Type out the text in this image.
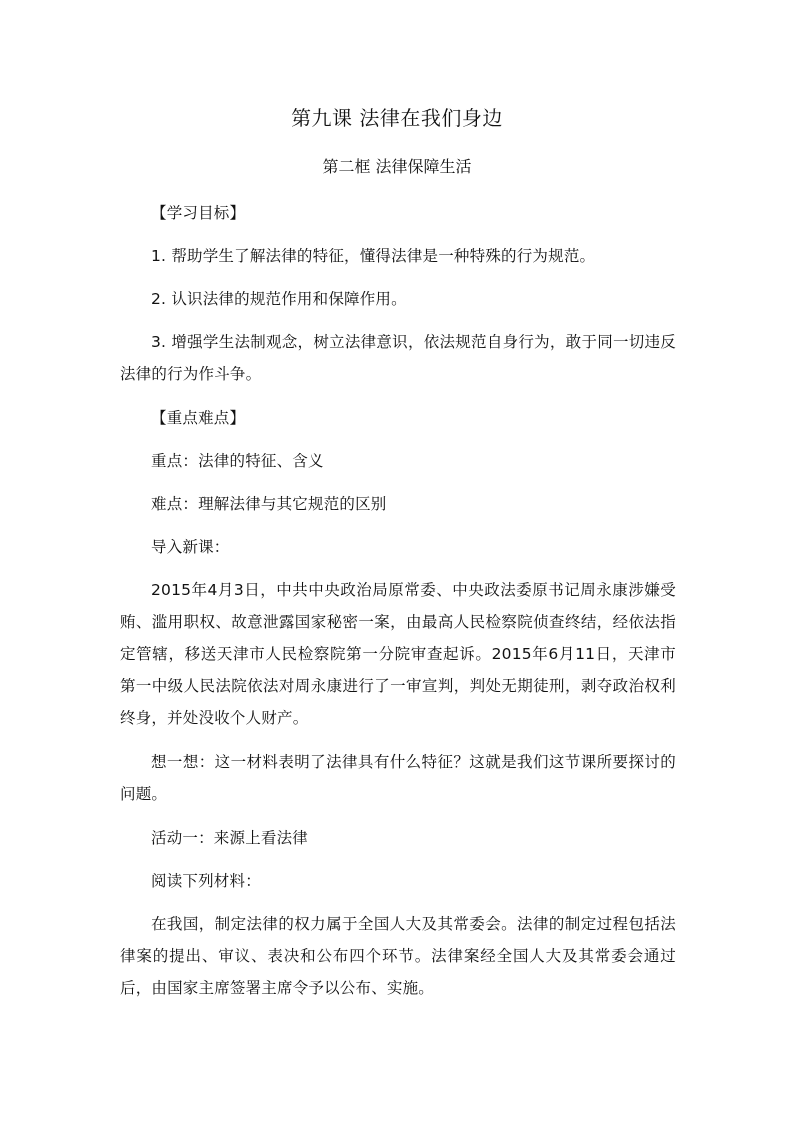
第九课 法律在我们身边
第二框 法律保障生活

【学习目标】

1. 帮助学生了解法律的特征，懂得法律是一种特殊的行为规范。

2. 认识法律的规范作用和保障作用。

3. 增强学生法制观念，树立法律意识，依法规范自身行为，敢于同一切违反法律的行为作斗争。

【重点难点】

重点：法律的特征、含义

难点：理解法律与其它规范的区别

导入新课：

2015年4月3日，中共中央政治局原常委、中央政法委原书记周永康涉嫌受贿、滥用职权、故意泄露国家秘密一案，由最高人民检察院侦查终结，经依法指定管辖，移送天津市人民检察院第一分院审查起诉。2015年6月11日，天津市第一中级人民法院依法对周永康进行了一审宣判，判处无期徒刑，剥夺政治权利终身，并处没收个人财产。

想一想：这一材料表明了法律具有什么特征？这就是我们这节课所要探讨的问题。

活动一：来源上看法律

阅读下列材料：

在我国，制定法律的权力属于全国人大及其常委会。法律的制定过程包括法律案的提出、审议、表决和公布四个环节。法律案经全国人大及其常委会通过后，由国家主席签署主席令予以公布、实施。
